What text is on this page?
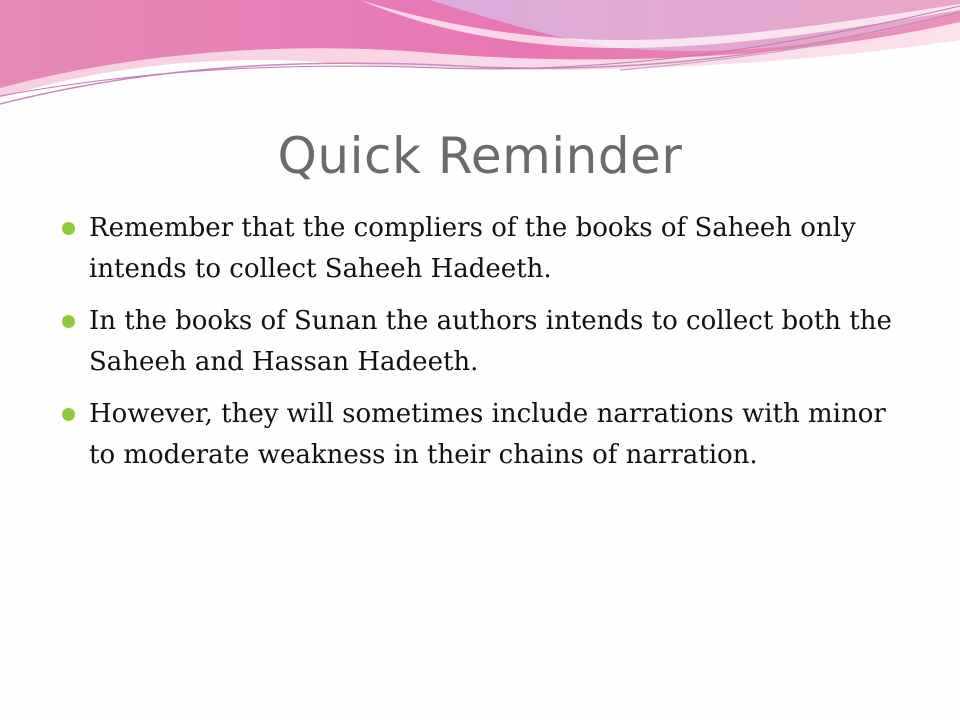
Quick Reminder
Remember that the compliers of the books of Saheeh only intends to collect Saheeh Hadeeth.
In the books of Sunan the authors intends to collect both the Saheeh and Hassan Hadeeth.
However, they will sometimes include narrations with minor to moderate weakness in their chains of narration.
